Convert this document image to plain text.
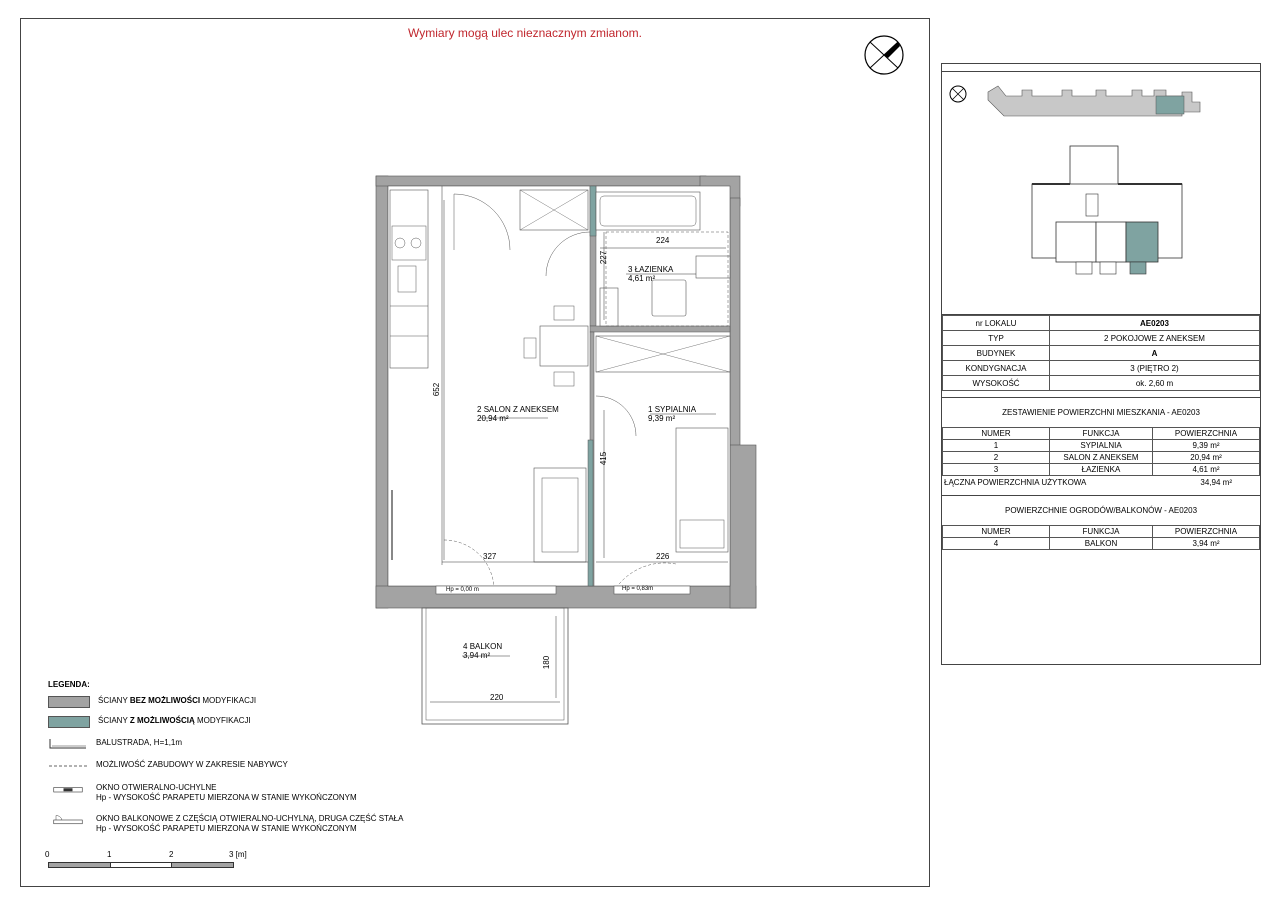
Wymiary mogą ulec nieznacznym zmianom.
652
327
224
227
415
226
220
180
Hp = 0,00 m	Hp = 0,83m
2 SALON Z ANEKSEM
20,94 m²
1 SYPIALNIA
9,39 m²
3 ŁAZIENKA
4,61 m²
4 BALKON
3,94 m²
LEGENDA:
ŚCIANY BEZ MOŻLIWOŚCI MODYFIKACJI
ŚCIANY Z MOŻLIWOŚCIĄ MODYFIKACJI
BALUSTRADA, H=1,1m
MOŻLIWOŚĆ ZABUDOWY W ZAKRESIE NABYWCY
OKNO OTWIERALNO-UCHYLNE
Hp - WYSOKOŚĆ PARAPETU MIERZONA W STANIE WYKOŃCZONYM
OKNO BALKONOWE Z CZĘŚCIĄ OTWIERALNO-UCHYLNĄ, DRUGA CZĘŚĆ STAŁA
Hp - WYSOKOŚĆ PARAPETU MIERZONA W STANIE WYKOŃCZONYM
0	1	2	3 [m]
nr LOKALU	AE0203
TYP	2 POKOJOWE Z ANEKSEM
BUDYNEK	A
KONDYGNACJA	3 (PIĘTRO 2)
WYSOKOŚĆ	ok. 2,60 m
ZESTAWIENIE POWIERZCHNI MIESZKANIA - AE0203
NUMER	FUNKCJA	POWIERZCHNIA
1	SYPIALNIA	9,39 m²
2	SALON Z ANEKSEM	20,94 m²
3	ŁAZIENKA	4,61 m²
ŁĄCZNA POWIERZCHNIA UŻYTKOWA	34,94 m²
POWIERZCHNIE OGRODÓW/BALKONÓW - AE0203
NUMER	FUNKCJA	POWIERZCHNIA
4	BALKON	3,94 m²
